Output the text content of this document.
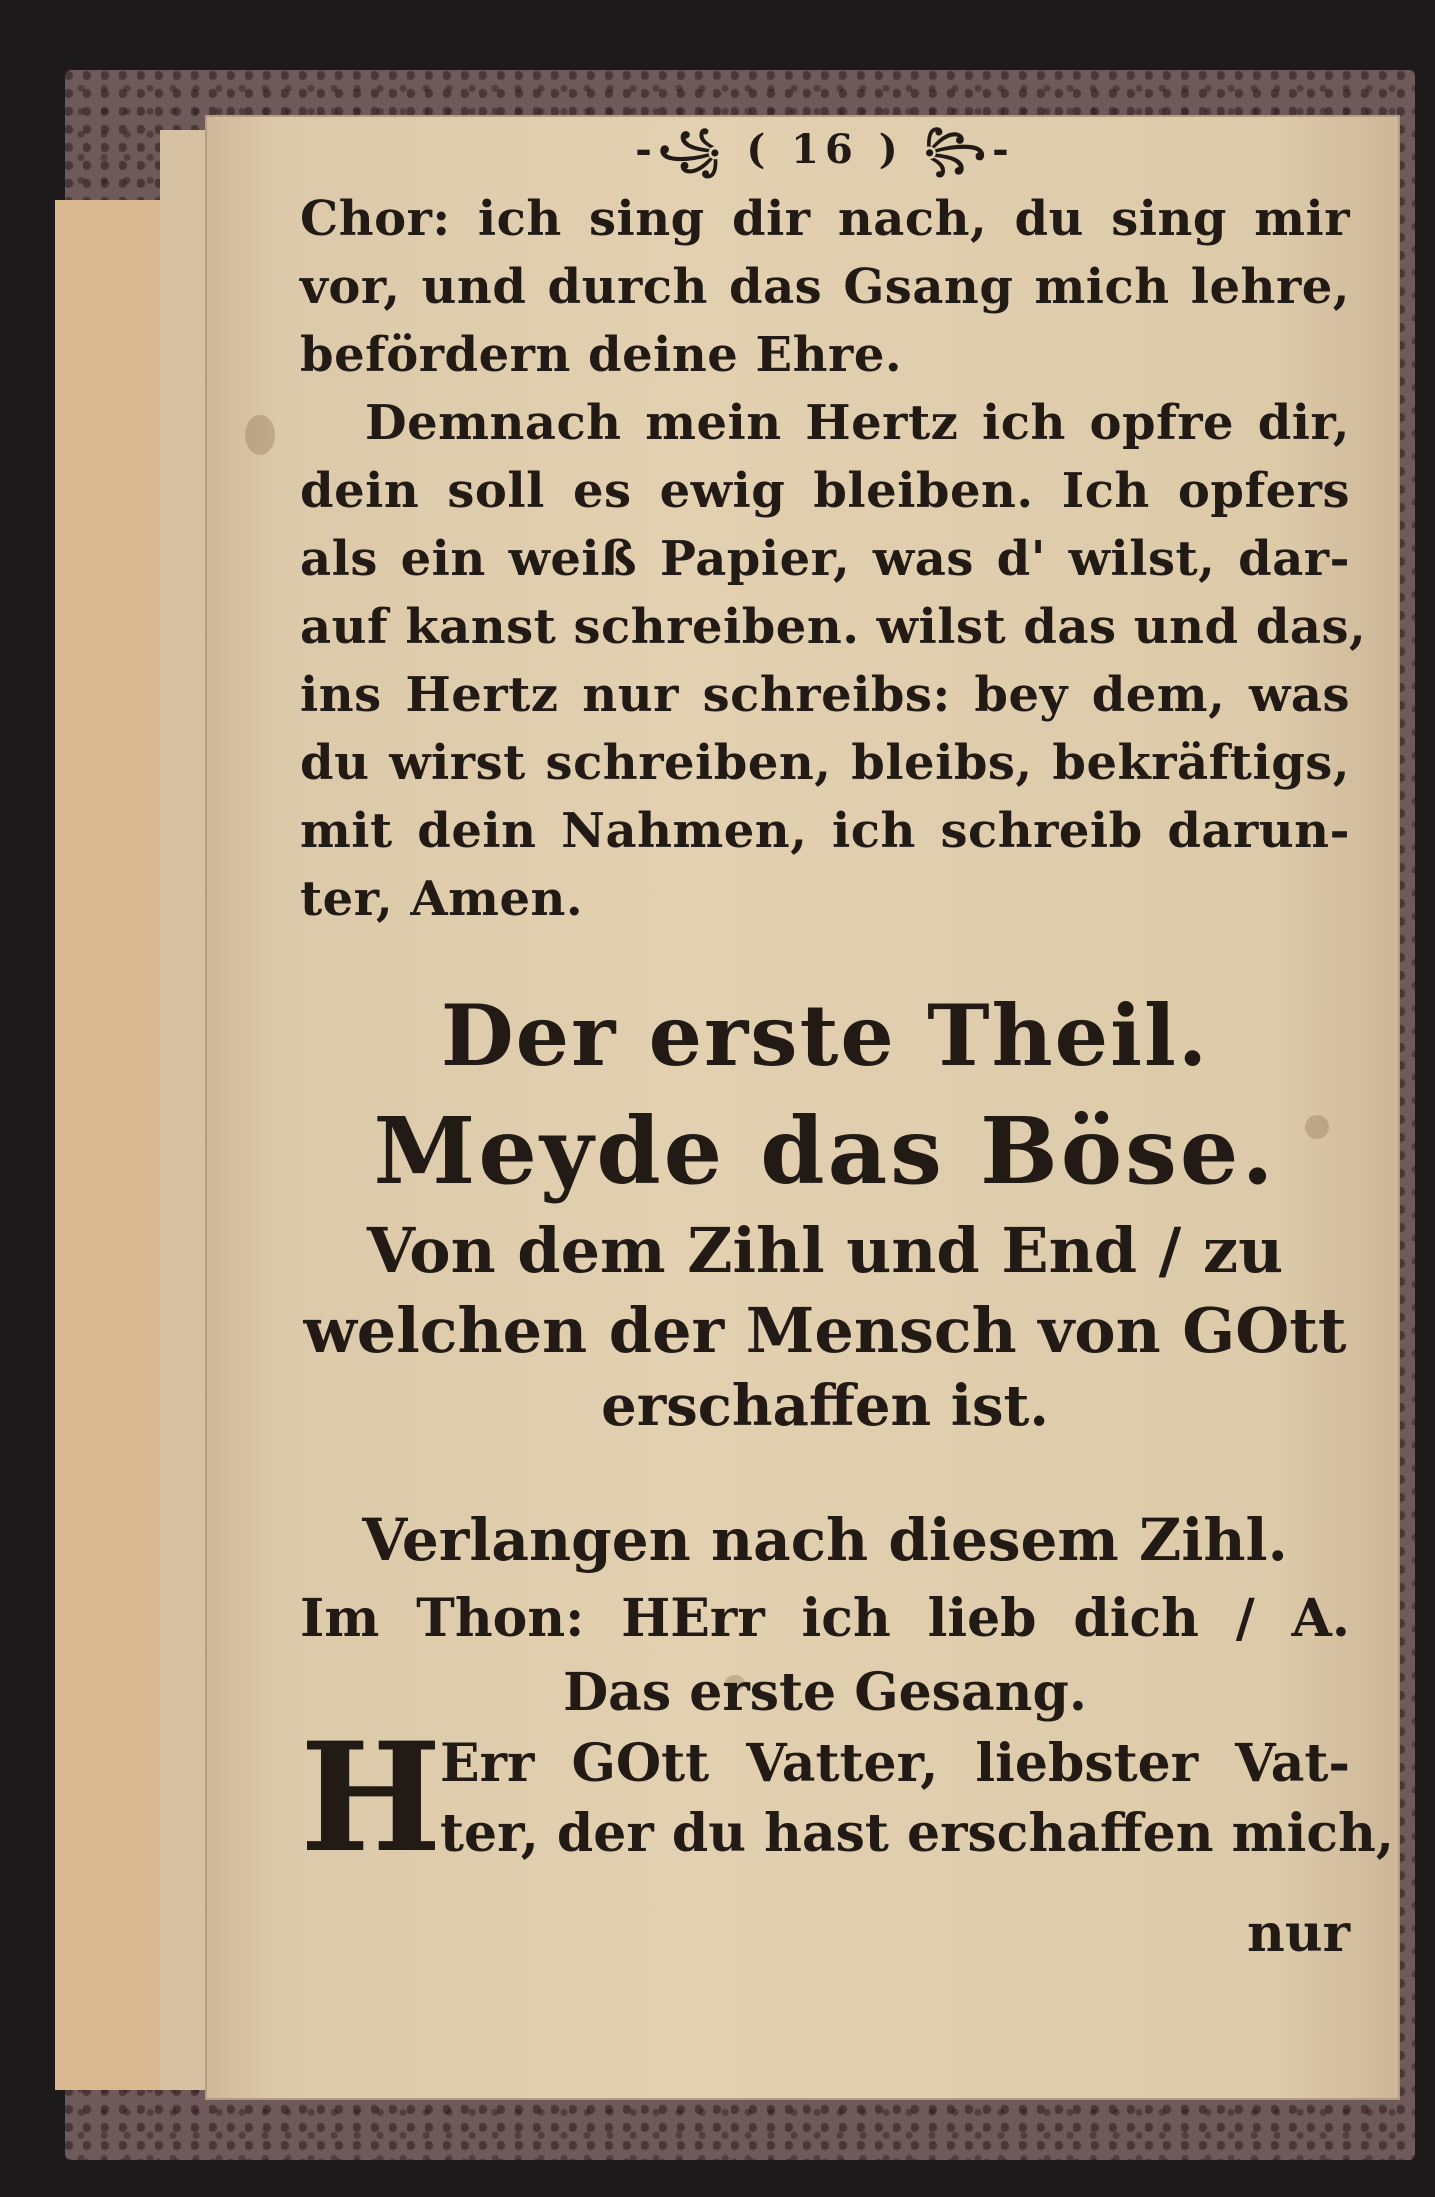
-꧁ ( 16 ) ꧂-
Chor: ich sing dir nach, du sing mir
vor, und durch das Gsang mich lehre,
befördern deine Ehre.
Demnach mein Hertz ich opfre dir,
dein soll es ewig bleiben. Ich opfers
als ein weiß Papier, was d' wilst, dar-
auf kanst schreiben. wilst das und das,
ins Hertz nur schreibs: bey dem, was
du wirst schreiben, bleibs, bekräftigs,
mit dein Nahmen, ich schreib darun-
ter, Amen.
Der erste Theil.
Meyde das Böse.
Von dem Zihl und End / zu
welchen der Mensch von GOtt
erschaffen ist.
Verlangen nach diesem Zihl.
Im Thon: HErr ich lieb dich / A.
Das erste Gesang.
H
Err GOtt Vatter, liebster Vat-
ter, der du hast erschaffen mich,
nur
